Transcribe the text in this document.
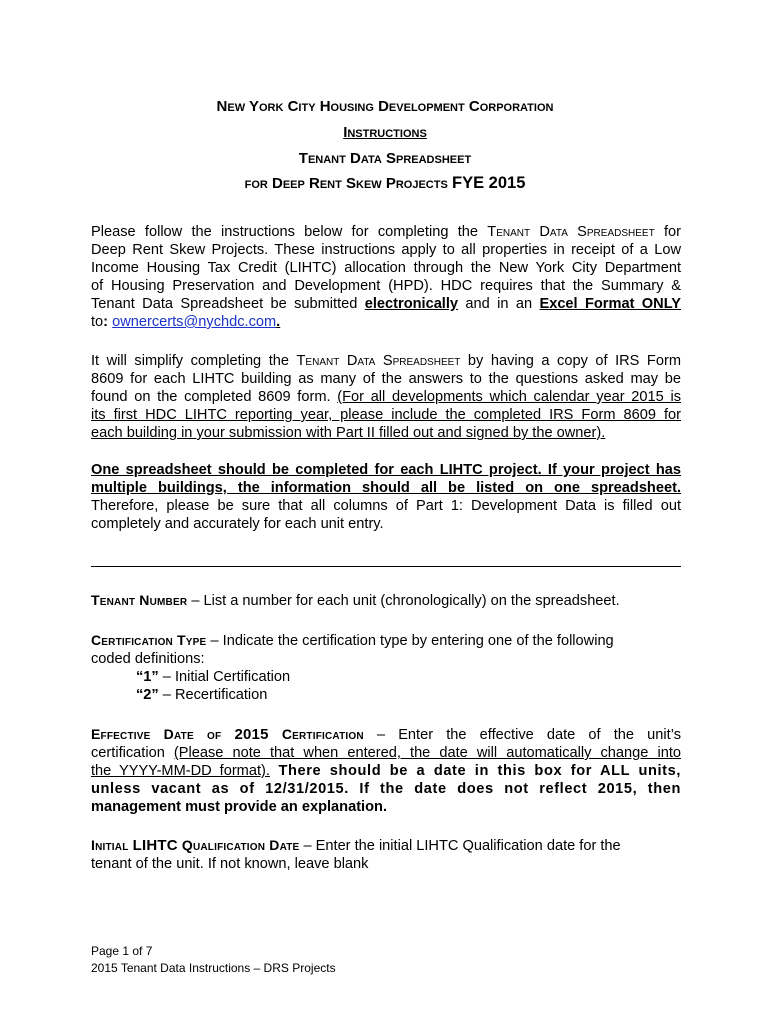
New York City Housing Development Corporation
Instructions
Tenant Data Spreadsheet
for Deep Rent Skew Projects FYE 2015
Please follow the instructions below for completing the Tenant Data Spreadsheet for
Deep Rent Skew Projects. These instructions apply to all properties in receipt of a Low
Income Housing Tax Credit (LIHTC) allocation through the New York City Department
of Housing Preservation and Development (HPD). HDC requires that the Summary &
Tenant Data Spreadsheet be submitted electronically and in an Excel Format ONLY
to: ownercerts@nychdc.com.
It will simplify completing the Tenant Data Spreadsheet by having a copy of IRS Form
8609 for each LIHTC building as many of the answers to the questions asked may be
found on the completed 8609 form. (For all developments which calendar year 2015 is
its first HDC LIHTC reporting year, please include the completed IRS Form 8609 for
each building in your submission with Part II filled out and signed by the owner).
One spreadsheet should be completed for each LIHTC project. If your project has
multiple buildings, the information should all be listed on one spreadsheet.
Therefore, please be sure that all columns of Part 1: Development Data is filled out
completely and accurately for each unit entry.
Tenant Number – List a number for each unit (chronologically) on the spreadsheet.
Certification Type – Indicate the certification type by entering one of the following
coded definitions:
“1” – Initial Certification
“2” – Recertification
Effective Date of 2015 Certification – Enter the effective date of the unit’s
certification (Please note that when entered, the date will automatically change into
the YYYY-MM-DD format). There should be a date in this box for ALL units,
unless vacant as of 12/31/2015. If the date does not reflect 2015, then
management must provide an explanation.
Initial LIHTC Qualification Date – Enter the initial LIHTC Qualification date for the
tenant of the unit. If not known, leave blank
Page 1 of 7
2015 Tenant Data Instructions – DRS Projects
